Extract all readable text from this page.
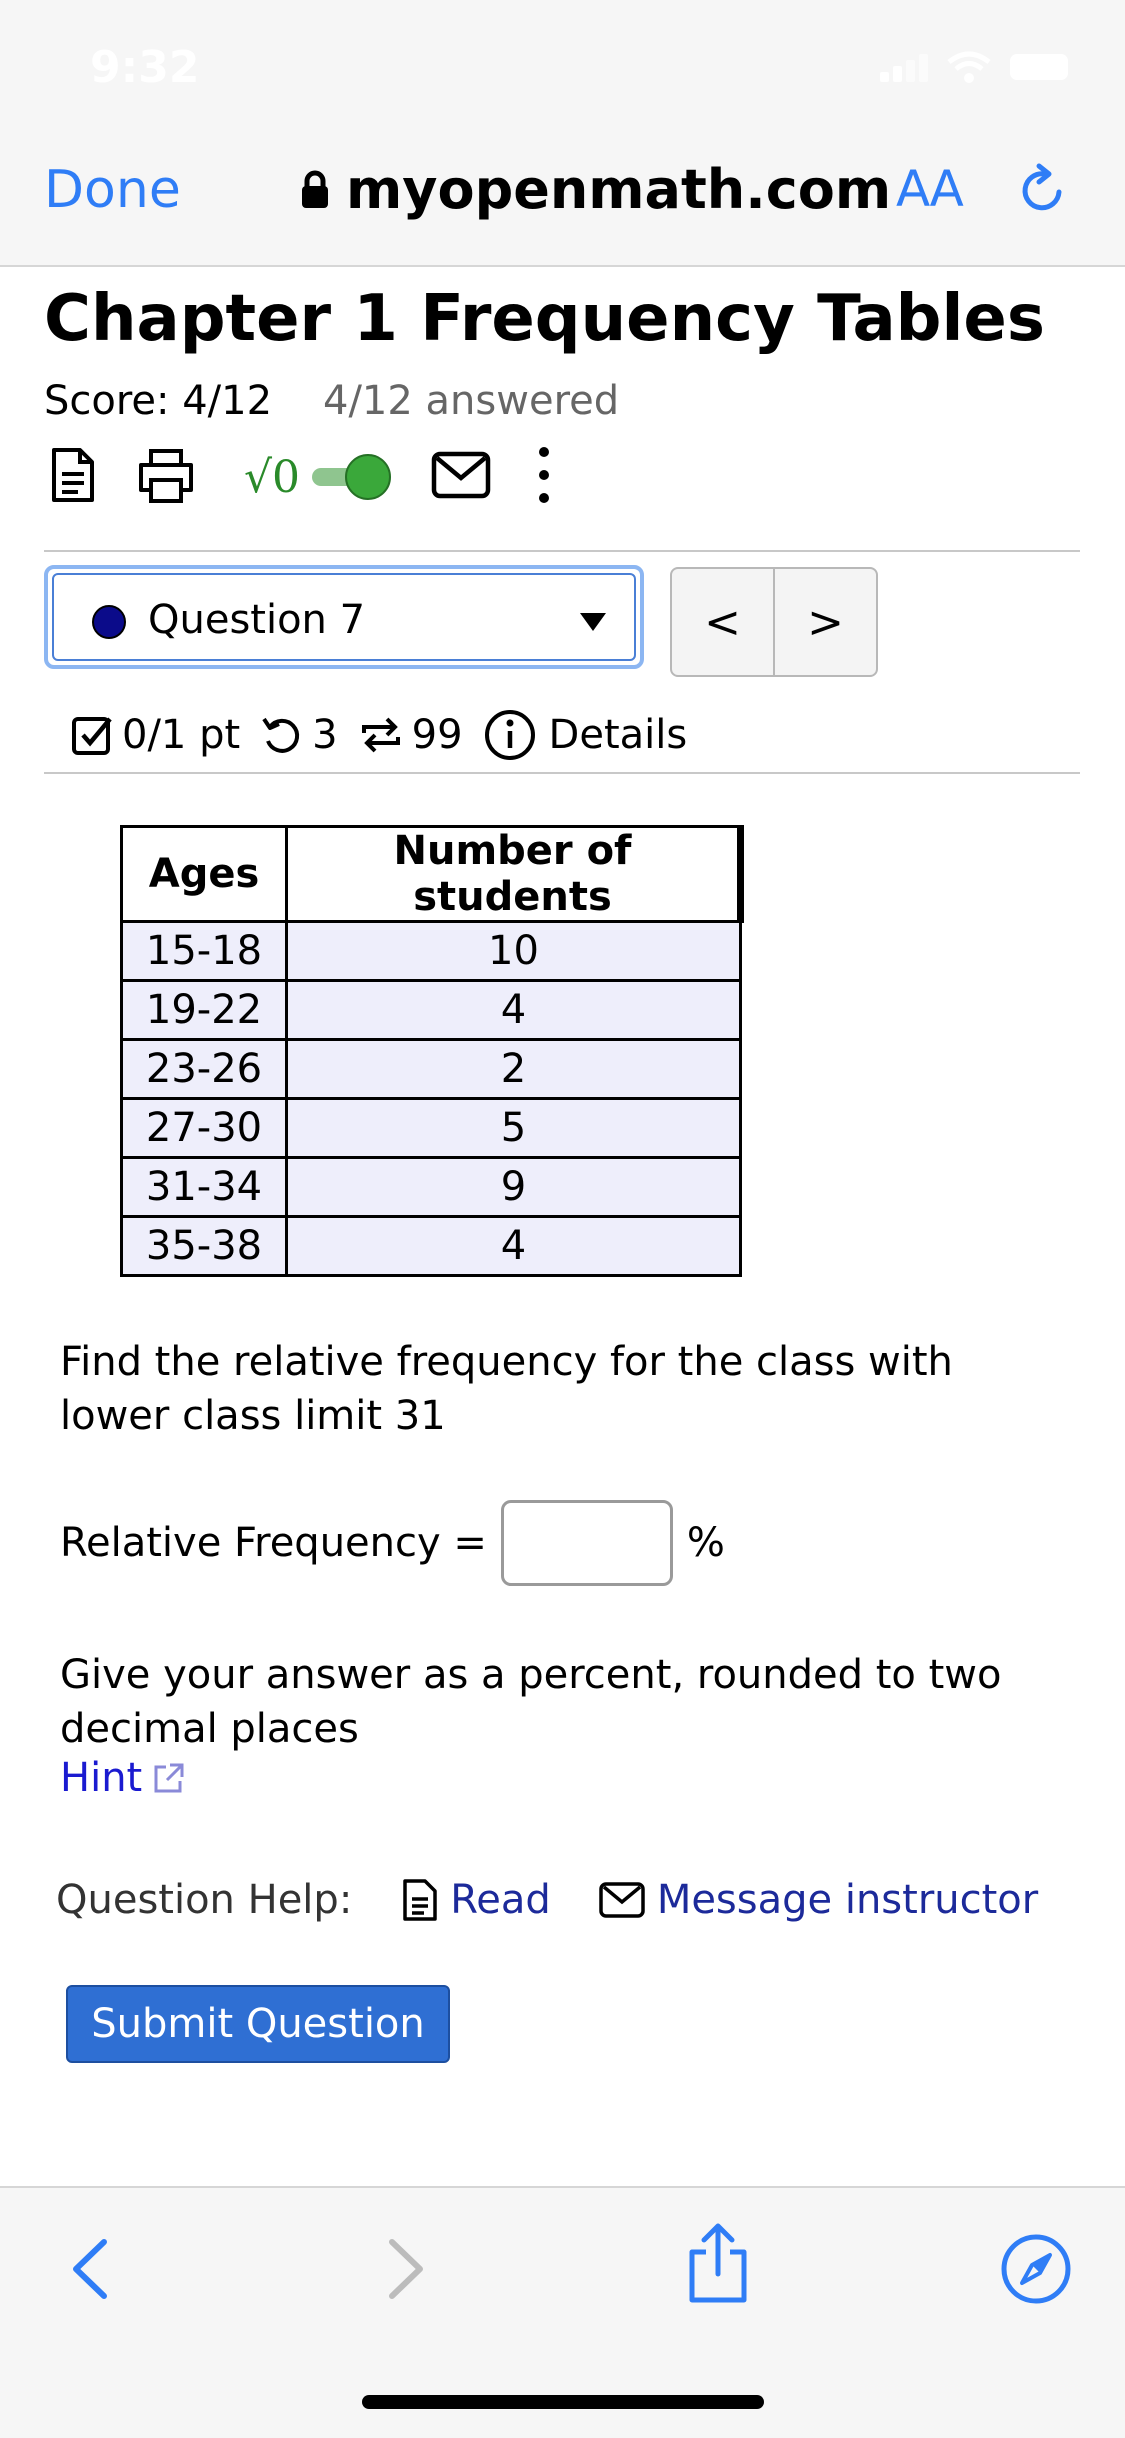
9:32
Done	myopenmath.com AA
Chapter 1 Frequency Tables
Score: 4/12 4/12 answered
√0
Question 7	<	>
0/1 pt 3 99 Details
Ages	Number of students
15-18	10
19-22	4
23-26	2
27-30	5
31-34	9
35-38	4
Find the relative frequency for the class with lower class limit 31
Relative Frequency =	%
Give your answer as a percent, rounded to two decimal places
Hint
Question Help: Read	Message instructor
Submit Question
